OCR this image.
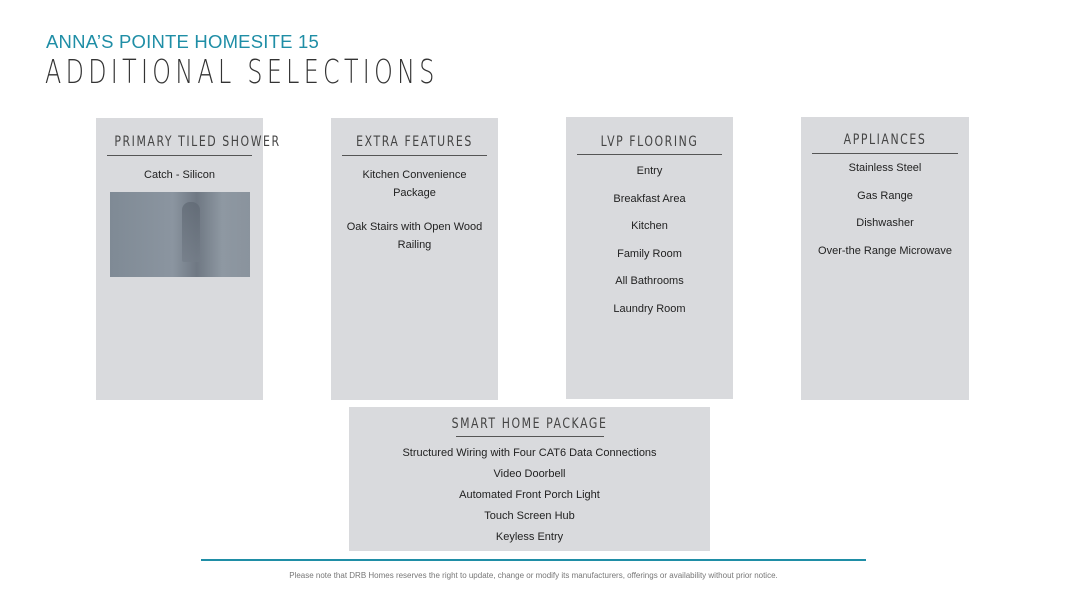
ANNA’S POINTE HOMESITE 15
ADDITIONAL SELECTIONS
PRIMARY TILED SHOWER
Catch - Silicon
EXTRA FEATURES
Kitchen Convenience Package
Oak Stairs with Open Wood Railing
LVP FLOORING
Entry
Breakfast Area
Kitchen
Family Room
All Bathrooms
Laundry Room
APPLIANCES
Stainless Steel
Gas Range
Dishwasher
Over-the Range Microwave
SMART HOME PACKAGE
Structured Wiring with Four CAT6 Data Connections
Video Doorbell
Automated Front Porch Light
Touch Screen Hub
Keyless Entry
Please note that DRB Homes reserves the right to update, change or modify its manufacturers, offerings or availability without prior notice.
